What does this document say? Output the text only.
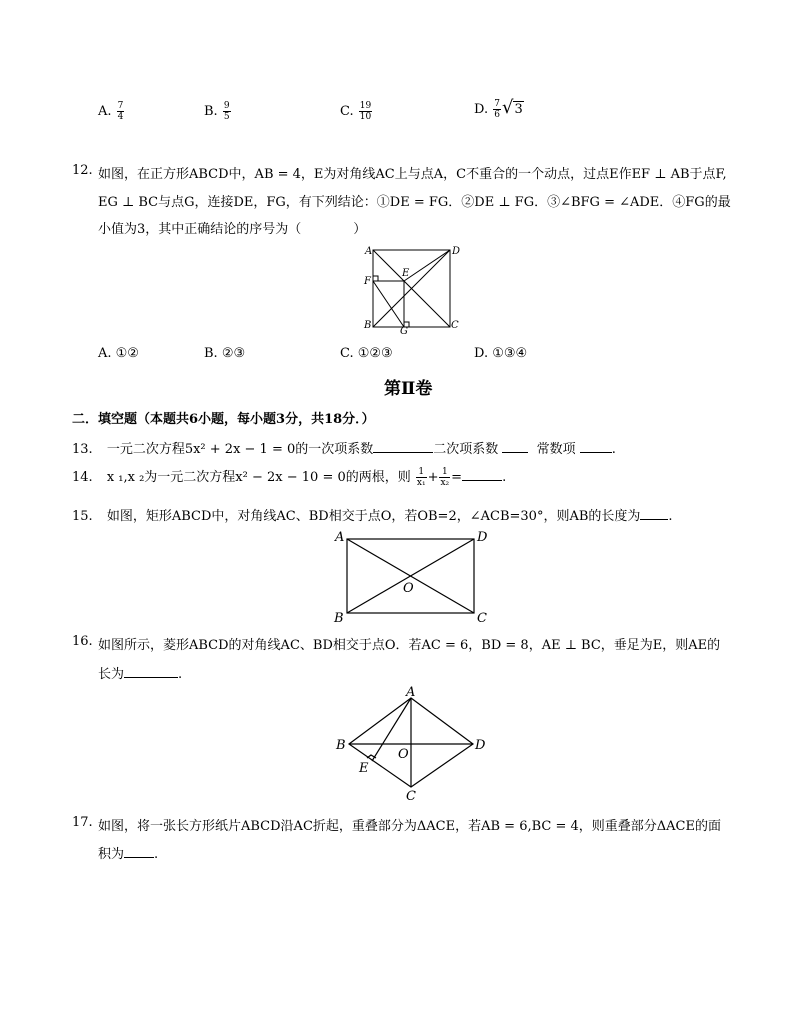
A. $\frac{7}{4}$	B. $\frac{9}{5}$	C. $\frac{19}{10}$	D. $\frac{7}{6} √3$
12. 如图，在正方形ABCD中，AB = 4，E为对角线AC上与点A，C不重合的一个动点，过点E作EF ⊥ AB于点F,
EG ⊥ BC与点G，连接DE，FG，有下列结论：①DE = FG．②DE ⊥ FG．③∠BFG = ∠ADE．④FG的最
小值为3，其中正确结论的序号为（　　　　）
A	D
F
E
B
G
C
A. ①②	B. ②③	C. ①②③	D. ①③④
第Ⅱ卷
二．填空题（本题共6小题，每小题3分，共18分．）
13. 一元二次方程5x² + 2x − 1 = 0的一次项系数	二次项系数	常数项	.
14. x ₁,x ₂为一元二次方程x² − 2x − 10 = 0的两根，则 $\frac{1}{\text{x₁}} + \frac{1}{\text{x₂}}$ =	.
15. 如图，矩形ABCD中，对角线AC、BD相交于点O，若OB=2，∠ACB=30°，则AB的长度为 .
A	D
B	C
O
16. 如图所示，菱形ABCD的对角线AC、BD相交于点O．若AC = 6，BD = 8，AE ⊥ BC，垂足为E，则AE的
长为	.
A
B	D
O
E
C
17. 如图，将一张长方形纸片ABCD沿AC折起，重叠部分为ΔACE，若AB = 6,BC = 4，则重叠部分ΔACE的面
积为 .
